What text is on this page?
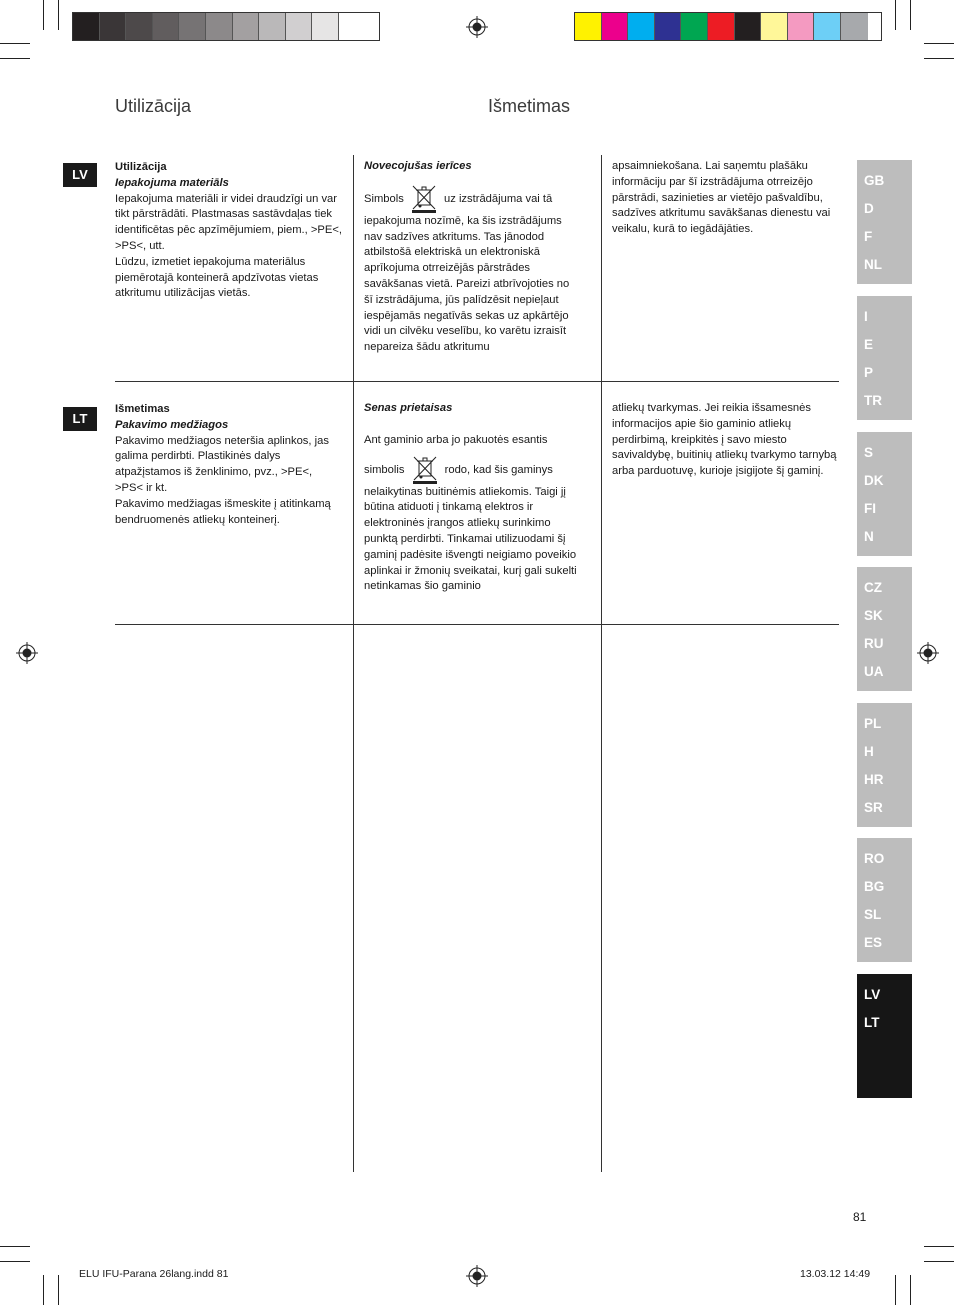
Utilizācija	Išmetimas
LV	Utilizācija
Iepakojuma materiāls

Iepakojuma materiāli ir videi draudzīgi un var tikt pārstrādāti. Plastmasas sastāvdaļas tiek identificētas pēc apzīmējumiem, piem., >PE<, >PS<, utt.

Lūdzu, izmetiet iepakojuma materiālus piemērotajā konteinerā apdzīvotas vietas atkritumu utilizācijas vietās.

Novecojušas ierīces

Simbols	uz izstrādājuma vai tā iepakojuma nozīmē, ka šis izstrādājums nav sadzīves atkritums. Tas jānodod atbilstošā elektriskā un elektroniskā aprīkojuma otrreizējās pārstrādes savākšanas vietā. Pareizi atbrīvojoties no šī izstrādājuma, jūs palīdzēsit nepieļaut iespējamās negatīvās sekas uz apkārtējo vidi un cilvēku veselību, ko varētu izraisīt nepareiza šādu atkritumu

apsaimniekošana. Lai saņemtu plašāku informāciju par šī izstrādājuma otrreizējo pārstrādi, sazinieties ar vietējo pašvaldību, sadzīves atkritumu savākšanas dienestu vai veikalu, kurā to iegādājāties.

LT
Išmetimas
Pakavimo medžiagos

Pakavimo medžiagos neteršia aplinkos, jas galima perdirbti. Plastikinės dalys atpažįstamos iš ženklinimo, pvz., >PE<, >PS< ir kt.

Pakavimo medžiagas išmeskite į atitinkamą bendruomenės atliekų konteinerį.

Senas prietaisas

Ant gaminio arba jo pakuotės esantis

simbolis	rodo, kad šis gaminys

nelaikytinas buitinėmis atliekomis. Taigi jį būtina atiduoti į tinkamą elektros ir elektroninės įrangos atliekų surinkimo punktą perdirbti. Tinkamai utilizuodami šį gaminį padėsite išvengti neigiamo poveikio aplinkai ir žmonių sveikatai, kurį gali sukelti netinkamas šio gaminio

atliekų tvarkymas. Jei reikia išsamesnės informacijos apie šio gaminio atliekų perdirbimą, kreipkitės į savo miesto savivaldybę, buitinių atliekų tvarkymo tarnybą arba parduotuvę, kurioje įsigijote šį gaminį.

GB
D
F
NL
I
E
P
TR
S
DK
FI
N
CZ
SK
RU
UA
PL
H
HR
SR
RO
BG
SL
ES
LV
LT
81
ELU IFU-Parana 26lang.indd 81	13.03.12 14:49
